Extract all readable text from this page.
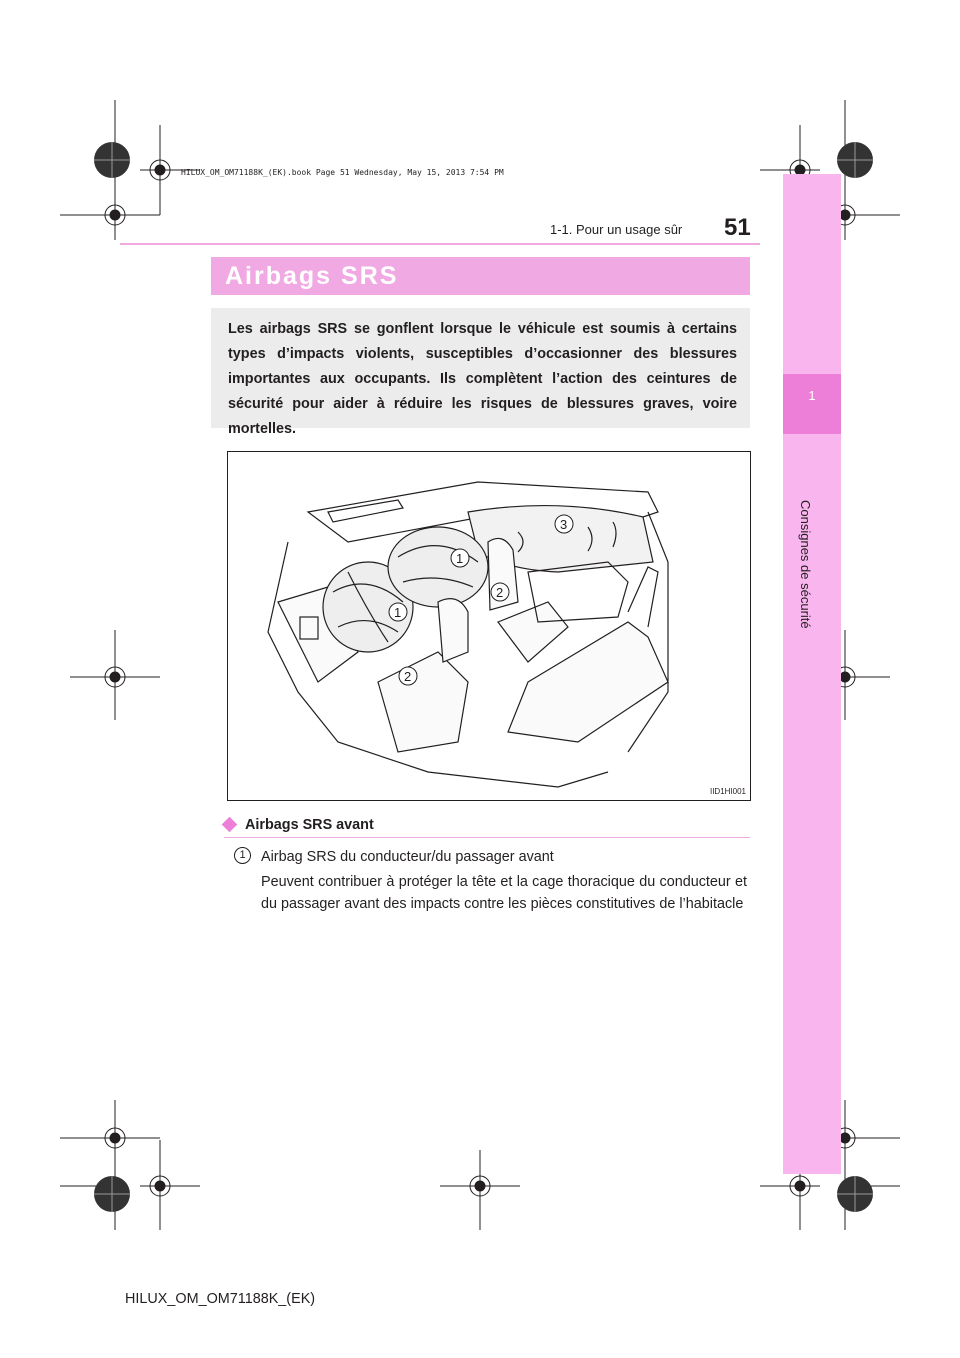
HILUX_OM_OM71188K_(EK).book Page 51 Wednesday, May 15, 2013 7:54 PM
1
Consignes de sécurité
1-1. Pour un usage sûr 51
Airbags SRS
Les airbags SRS se gonflent lorsque le véhicule est soumis à certains types d’impacts violents, susceptibles d’occasionner des blessures importantes aux occupants. Ils complètent l’action des ceintures de sécurité pour aider à réduire les risques de blessures graves, voire mortelles.
1
1
2
2
3
IID1HI001
Airbags SRS avant
1	Airbag SRS du conducteur/du passager avant
Peuvent contribuer à protéger la tête et la cage thoracique du conducteur et du passager avant des impacts contre les pièces constitutives de l’habitacle
HILUX_OM_OM71188K_(EK)
